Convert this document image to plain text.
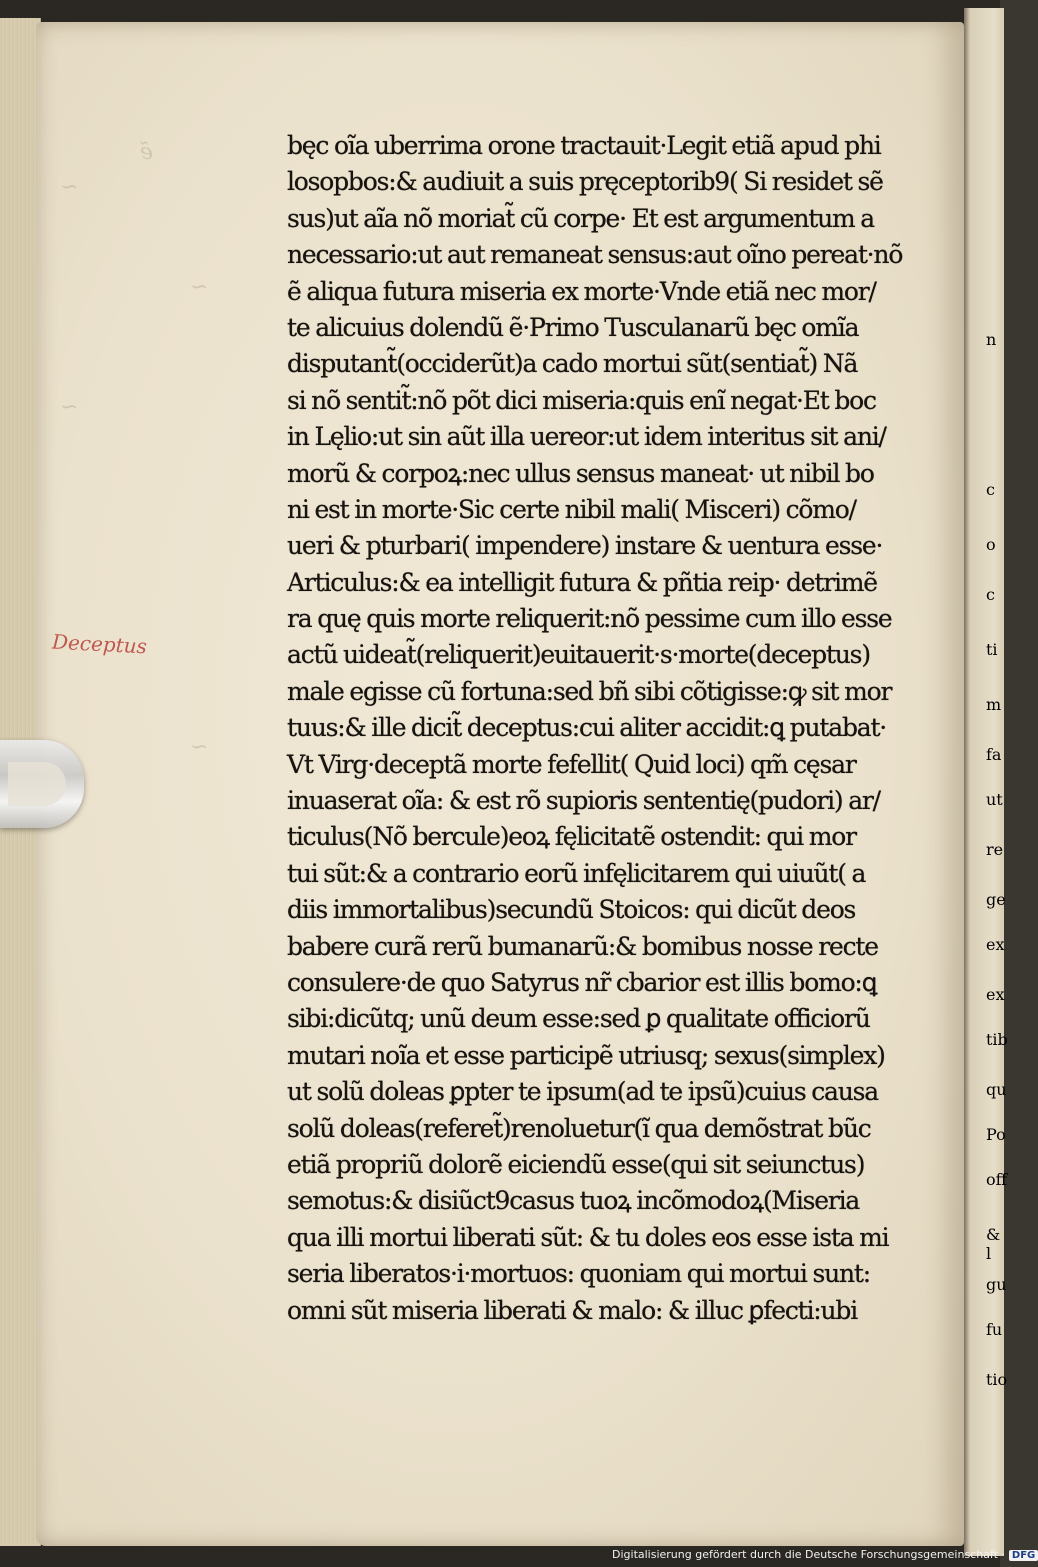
n
c
o
c
ti
m
fa
ut
re
ge
ex
ex
tib
qu
Po
off
& l
gu
fu
tio
ẽ
~
~
~
~
Deceptus
bęc oĩa uberrima orone tractauit·Legit etiã apud phi
losopbos:& audiuit a suis pręceptorib9( Si residet sẽ
sus)ut aĩa nõ moriat̃ cũ corpe· Et est argumentum a
necessario:ut aut remaneat sensus:aut oĩno pereat·nõ
ẽ aliqua futura miseria ex morte·Vnde etiã nec mor/
te alicuius dolendũ ẽ·Primo Tusculanarũ bęc omĩa
disputant̃(occiderũt)a cado mortui sũt(sentiat̃) Nã
si nõ sentit̃:nõ põt dici miseria:quis enĩ negat·Et boc
in Lęlio:ut sin aũt illa uereor:ut idem interitus sit ani/
morũ & corpoꝝ:nec ullus sensus maneat· ut nibil bo
ni est in morte·Sic certe nibil mali( Misceri) cõmo/
ueri & pturbari( impendere) instare & uentura esse·
Articulus:& ea intelligit futura & pñtia reip· detrimẽ
ra quę quis morte reliquerit:nõ pessime cum illo esse
actũ uideat̃(reliquerit)euitauerit·s·morte(deceptus)
male egisse cũ fortuna:sed bñ sibi cõtigisse:ꝙ sit mor
tuus:& ille dicit̃ deceptus:cui aliter accidit:ꝗ putabat·
Vt Virg·deceptã morte fefellit( Quid loci) qm̃ cęsar
inuaserat oĩa: & est rõ supioris sententię(pudori) ar/
ticulus(Nõ bercule)eoꝝ fęlicitatẽ ostendit: qui mor
tui sũt:& a contrario eorũ infęlicitarem qui uiuũt( a
diis immortalibus)secundũ Stoicos: qui dicũt deos
babere curã rerũ bumanarũ:& bomibus nosse recte
consulere·de quo Satyrus nr̃ cbarior est illis bomo:ꝗ
sibi:dicũtq; unũ deum esse:sed ꝑ qualitate officiorũ
mutari noĩa et esse participẽ utriusq; sexus(simplex)
ut solũ doleas ꝑpter te ipsum(ad te ipsũ)cuius causa
solũ doleas(referet̃)renoluetur(ĩ qua demõstrat bũc
etiã propriũ dolorẽ eiciendũ esse(qui sit seiunctus)
semotus:& disiũct9casus tuoꝝ incõmodoꝝ(Miseria
qua illi mortui liberati sũt: & tu doles eos esse ista mi
seria liberatos·i·mortuos: quoniam qui mortui sunt:
omni sũt miseria liberati & malo: & illuc ꝑfecti:ubi
Digitalisierung gefördert durch die Deutsche Forschungsgemeinschaft · DFG
